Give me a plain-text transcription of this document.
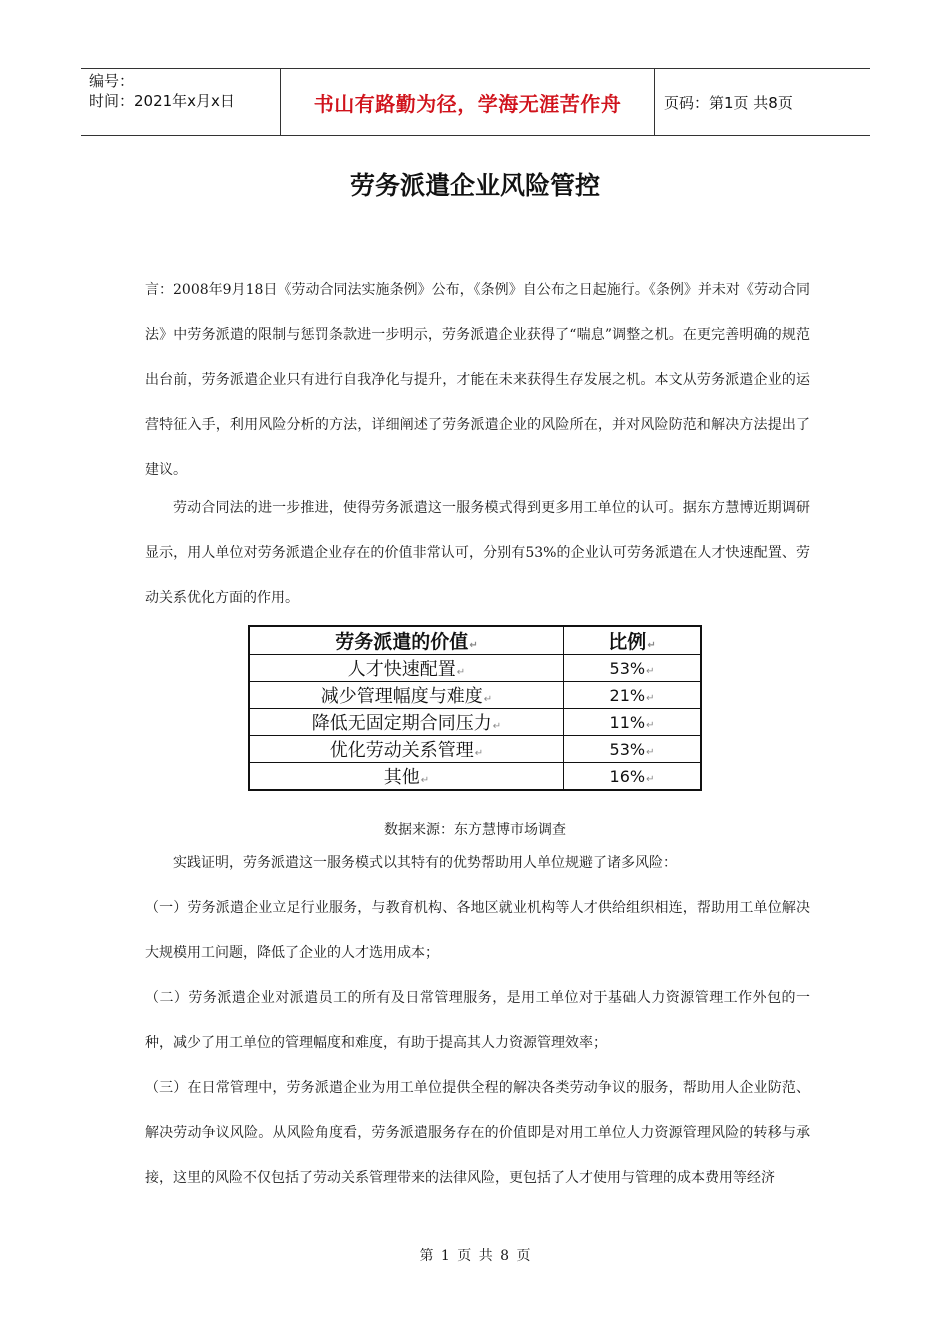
编号：
时间：2021年x月x日	书山有路勤为径，学海无涯苦作舟	页码：第1页 共8页
劳务派遣企业风险管控

言：2008年9月18日《劳动合同法实施条例》公布，《条例》自公布之日起施行。《条例》并未对《劳动合同法》中劳务派遣的限制与惩罚条款进一步明示，劳务派遣企业获得了“喘息”调整之机。在更完善明确的规范出台前，劳务派遣企业只有进行自我净化与提升，才能在未来获得生存发展之机。本文从劳务派遣企业的运营特征入手，利用风险分析的方法，详细阐述了劳务派遣企业的风险所在，并对风险防范和解决方法提出了建议。

劳动合同法的进一步推进，使得劳务派遣这一服务模式得到更多用工单位的认可。据东方慧博近期调研显示，用人单位对劳务派遣企业存在的价值非常认可，分别有53%的企业认可劳务派遣在人才快速配置、劳动关系优化方面的作用。

劳务派遣的价值↵	比例↵
人才快速配置↵	53%↵
减少管理幅度与难度↵	21%↵
降低无固定期合同压力↵	11%↵
优化劳动关系管理↵	53%↵
其他↵	16%↵
数据来源：东方慧博市场调查

实践证明，劳务派遣这一服务模式以其特有的优势帮助用人单位规避了诸多风险：

（一）劳务派遣企业立足行业服务，与教育机构、各地区就业机构等人才供给组织相连，帮助用工单位解决大规模用工问题，降低了企业的人才选用成本；

（二）劳务派遣企业对派遣员工的所有及日常管理服务，是用工单位对于基础人力资源管理工作外包的一种，减少了用工单位的管理幅度和难度，有助于提高其人力资源管理效率；

（三）在日常管理中，劳务派遣企业为用工单位提供全程的解决各类劳动争议的服务，帮助用人企业防范、解决劳动争议风险。从风险角度看，劳务派遣服务存在的价值即是对用工单位人力资源管理风险的转移与承接，这里的风险不仅包括了劳动关系管理带来的法律风险，更包括了人才使用与管理的成本费用等经济

第 1 页 共 8 页
